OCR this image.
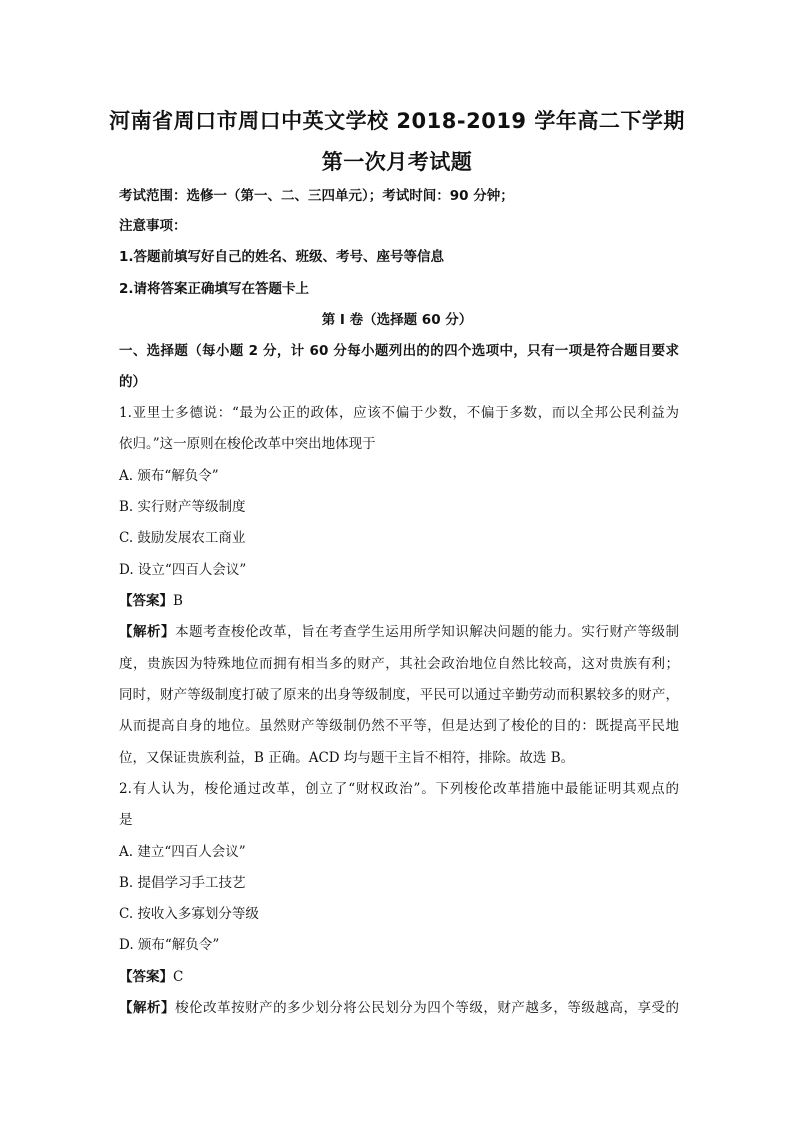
河南省周口市周口中英文学校 2018-2019 学年高二下学期
第一次月考试题
考试范围：选修一（第一、二、三四单元）；考试时间：90 分钟；
注意事项：
1.答题前填写好自己的姓名、班级、考号、座号等信息
2.请将答案正确填写在答题卡上
第 I 卷（选择题 60 分）
一、选择题（每小题 2 分，计 60 分每小题列出的的四个选项中，只有一项是符合题目要求
的）
1.亚里士多德说：“最为公正的政体，应该不偏于少数，不偏于多数，而以全邦公民利益为
依归。”这一原则在梭伦改革中突出地体现于
A. 颁布“解负令”
B. 实行财产等级制度
C. 鼓励发展农工商业
D. 设立“四百人会议”
【答案】B
【解析】本题考查梭伦改革，旨在考查学生运用所学知识解决问题的能力。实行财产等级制
度，贵族因为特殊地位而拥有相当多的财产，其社会政治地位自然比较高，这对贵族有利；
同时，财产等级制度打破了原来的出身等级制度，平民可以通过辛勤劳动而积累较多的财产，
从而提高自身的地位。虽然财产等级制仍然不平等，但是达到了梭伦的目的：既提高平民地
位，又保证贵族利益，B 正确。ACD 均与题干主旨不相符，排除。故选 B。
2.有人认为，梭伦通过改革，创立了“财权政治”。下列梭伦改革措施中最能证明其观点的
是
A. 建立“四百人会议”
B. 提倡学习手工技艺
C. 按收入多寡划分等级
D. 颁布“解负令”
【答案】C
【解析】梭伦改革按财产的多少划分将公民划分为四个等级，财产越多，等级越高，享受的
